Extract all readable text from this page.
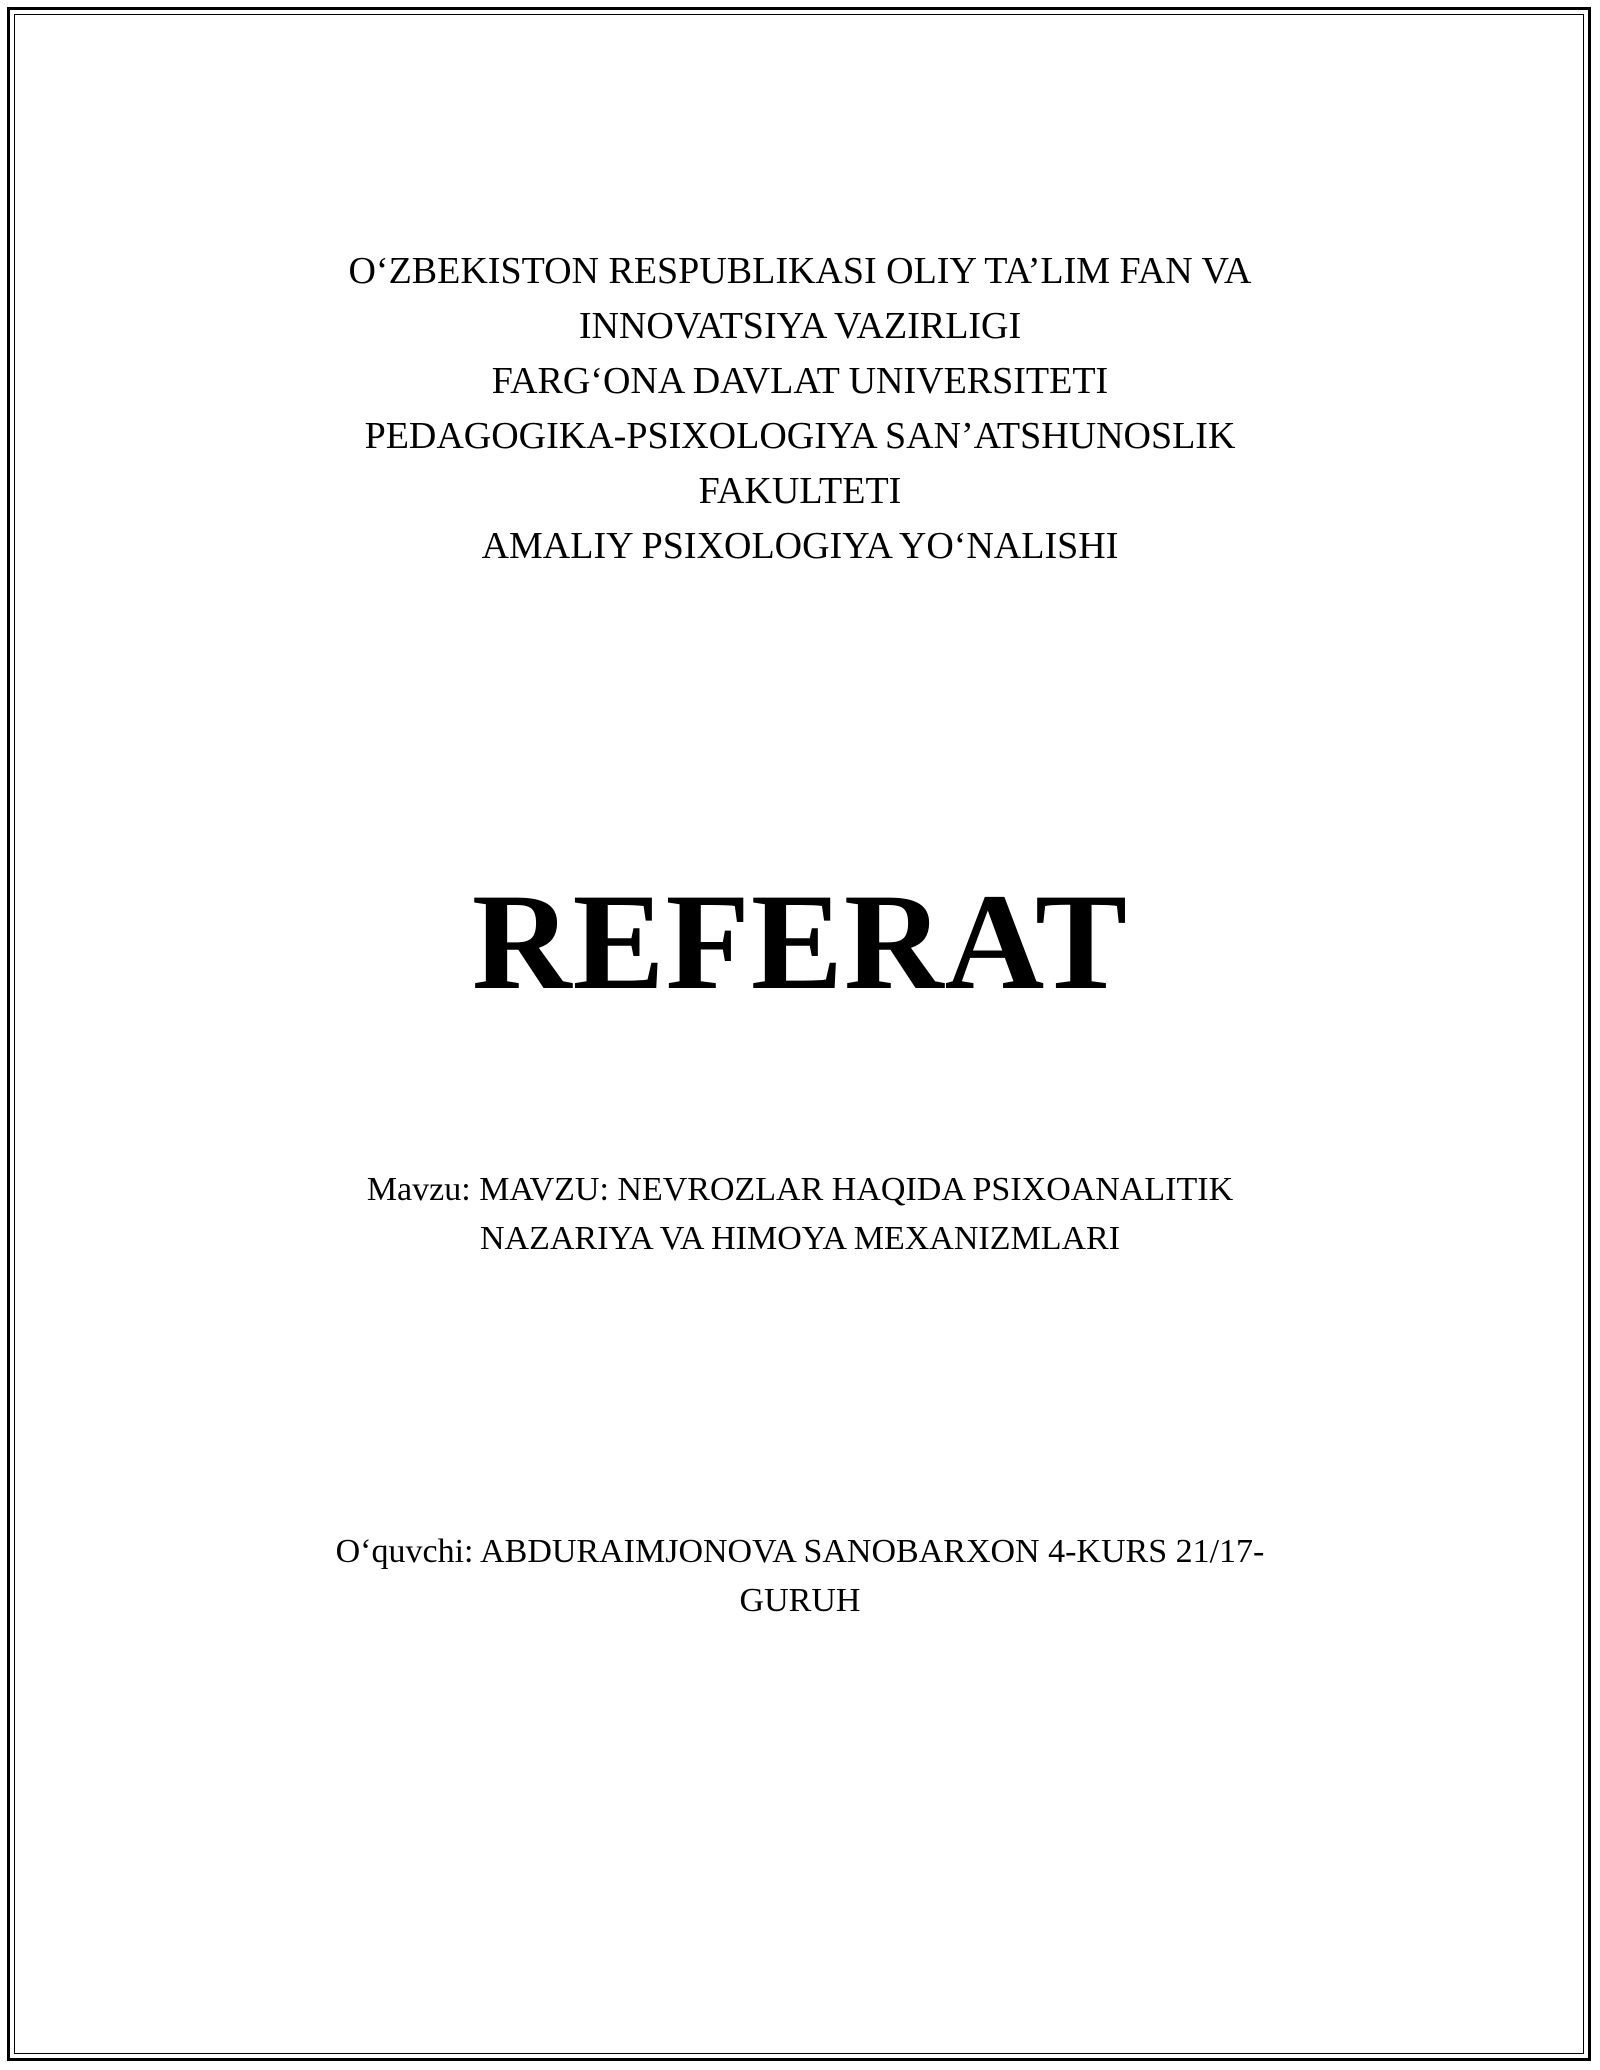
O‘ZBEKISTON RESPUBLIKASI OLIY TA’LIM FAN VA
INNOVATSIYA VAZIRLIGI
FARG‘ONA DAVLAT UNIVERSITETI
PEDAGOGIKA-PSIXOLOGIYA SAN’ATSHUNOSLIK
FAKULTETI
AMALIY PSIXOLOGIYA YO‘NALISHI
REFERAT
Mavzu: MAVZU: NEVROZLAR HAQIDA PSIXOANALITIK
NAZARIYA VA HIMOYA MEXANIZMLARI
O‘quvchi: ABDURAIMJONOVA SANOBARXON 4-KURS 21/17-
GURUH
